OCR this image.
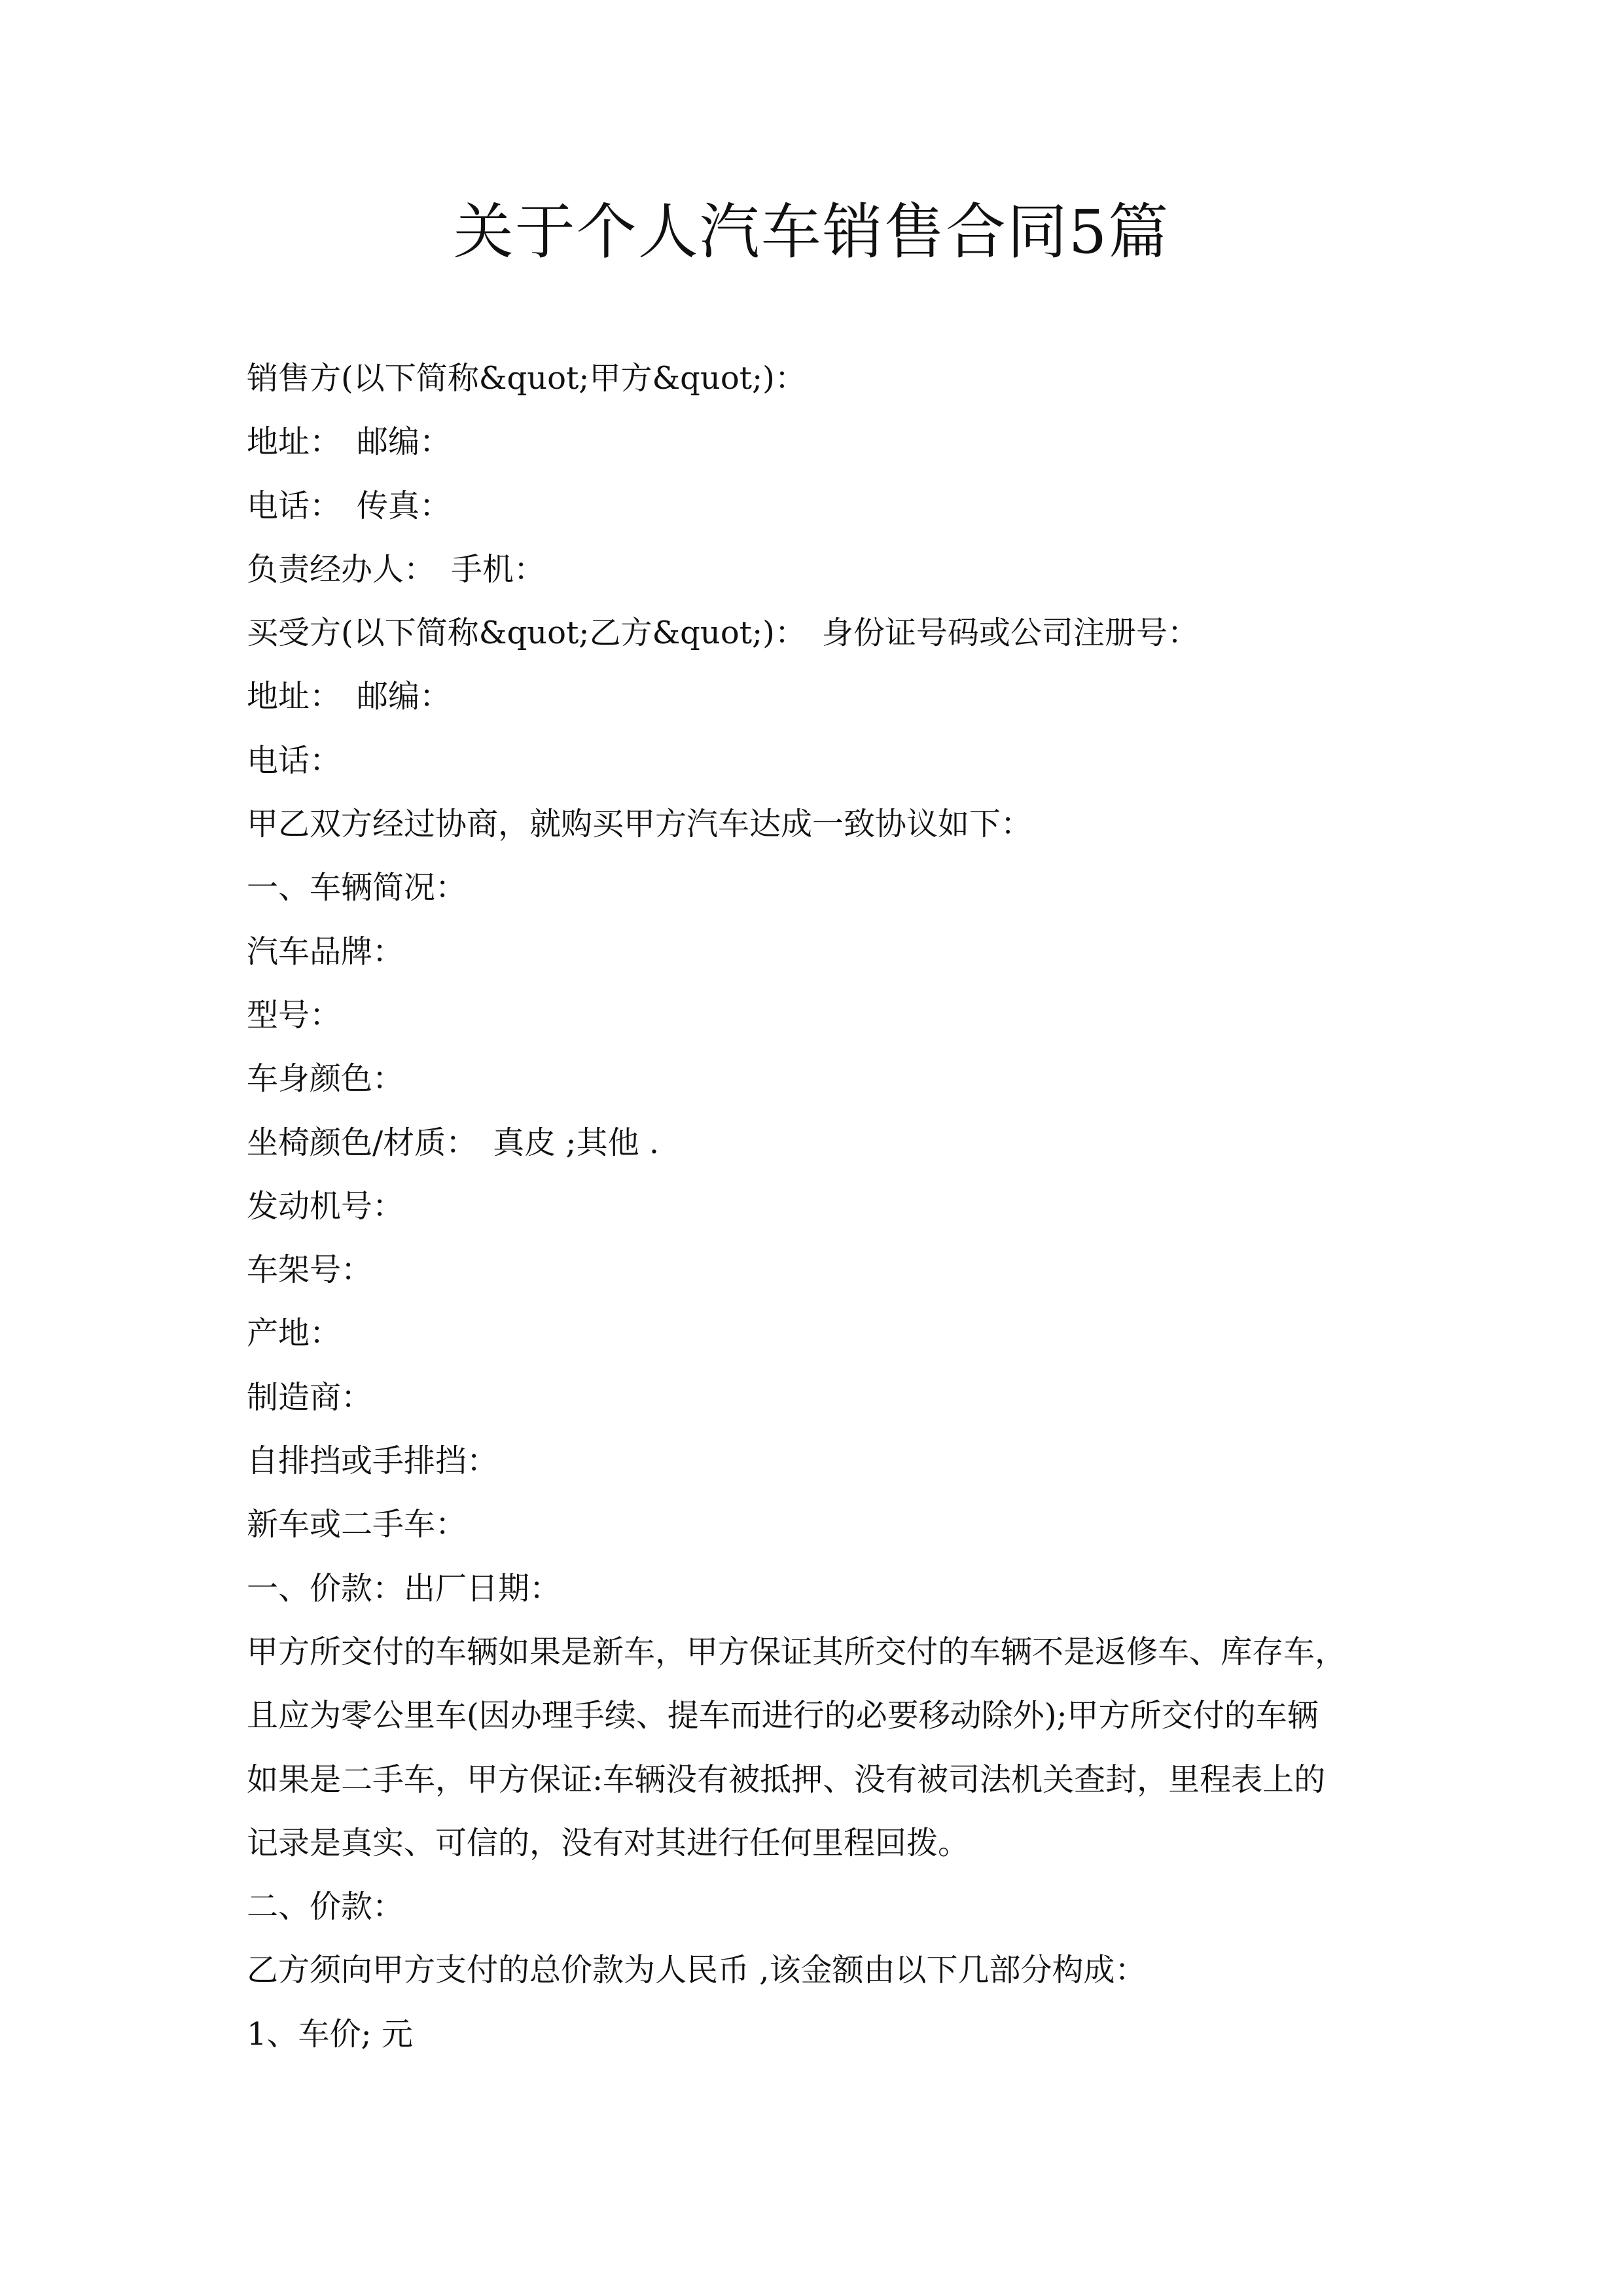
关于个人汽车销售合同5篇
销售方(以下简称&quot;甲方&quot;)：
地址：　邮编：
电话：　传真：
负责经办人：　手机：
买受方(以下简称&quot;乙方&quot;)：　身份证号码或公司注册号：
地址：　邮编：
电话：
甲乙双方经过协商，就购买甲方汽车达成一致协议如下：
一、车辆简况：
汽车品牌：
型号：
车身颜色：
坐椅颜色/材质：　真皮 ;其他 .
发动机号：
车架号：
产地：
制造商：
自排挡或手排挡：
新车或二手车：
一、价款：出厂日期：
甲方所交付的车辆如果是新车，甲方保证其所交付的车辆不是返修车、库存车，
且应为零公里车(因办理手续、提车而进行的必要移动除外);甲方所交付的车辆
如果是二手车，甲方保证:车辆没有被抵押、没有被司法机关查封，里程表上的
记录是真实、可信的，没有对其进行任何里程回拨。
二、价款：
乙方须向甲方支付的总价款为人民币 ,该金额由以下几部分构成：
1、车价; 元
